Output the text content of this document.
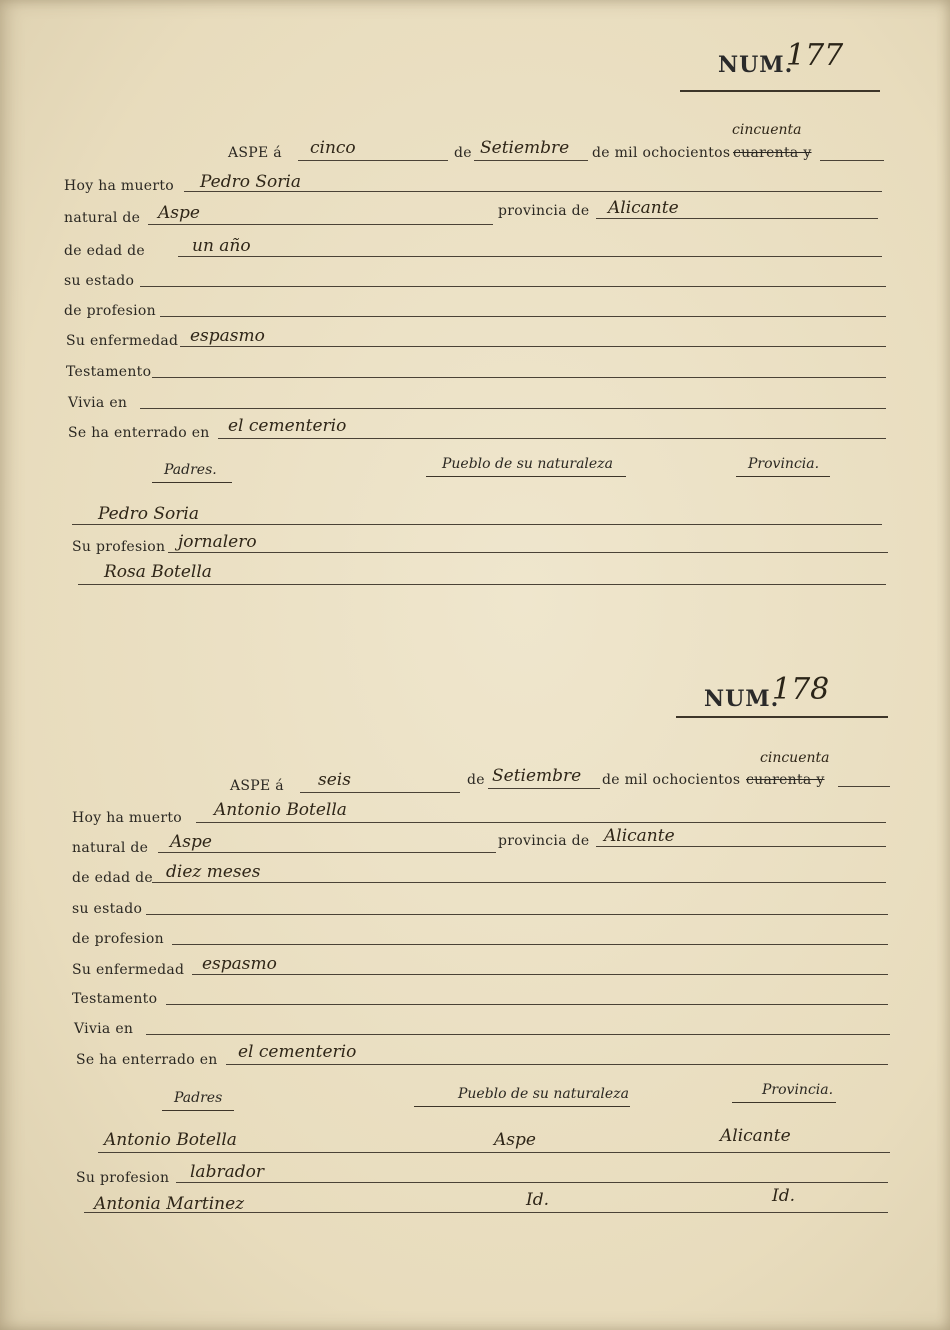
NUM.
177
ASPE á cinco	de Setiembre de mil ochocientos cuarenta y
cincuenta
Hoy ha muerto Pedro Soria
natural de Aspe	provincia de Alicante
de edad de	un año
su estado
de profesion
Su enfermedad espasmo
Testamento
Vivia en
Se ha enterrado en el cementerio
Padres.	Pueblo de su naturaleza	Provincia.
Pedro Soria
Su profesion jornalero
Rosa Botella
NUM.
178
ASPE á seis	de Setiembre de mil ochocientos cuarenta y
cincuenta
Hoy ha muerto Antonio Botella
natural de Aspe	provincia de Alicante
de edad de diez meses
su estado
de profesion
Su enfermedad espasmo
Testamento
Vivia en
Se ha enterrado en el cementerio
Padres	Pueblo de su naturaleza	Provincia.
Antonio Botella	Aspe	Alicante
Su profesion labrador
Antonia Martinez	Id.	Id.
